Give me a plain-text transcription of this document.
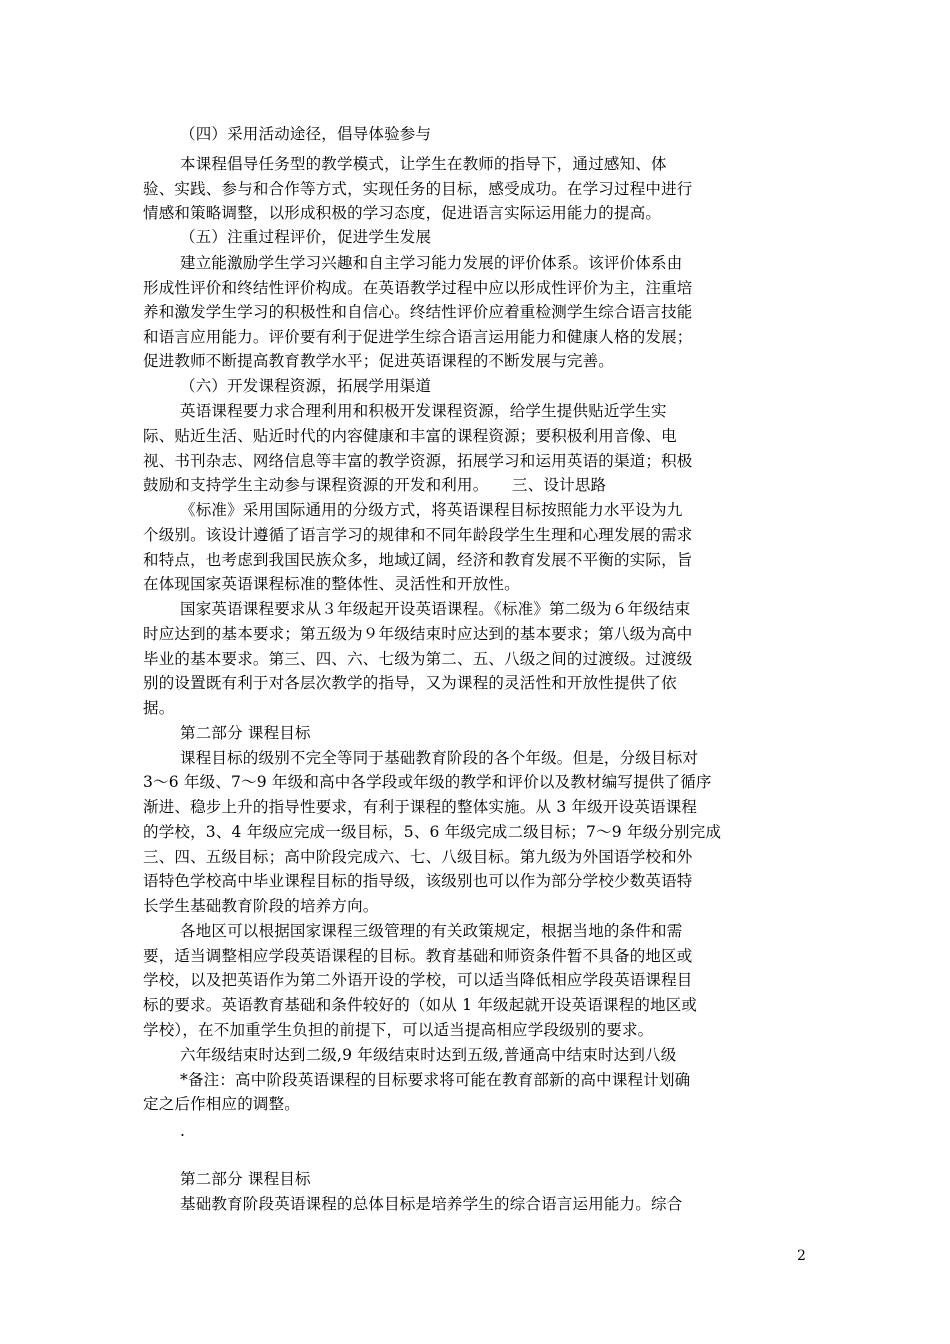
（四）采用活动途径，倡导体验参与
本课程倡导任务型的教学模式，让学生在教师的指导下，通过感知、体
验、实践、参与和合作等方式，实现任务的目标，感受成功。在学习过程中进行
情感和策略调整，以形成积极的学习态度，促进语言实际运用能力的提高。
（五）注重过程评价，促进学生发展
建立能激励学生学习兴趣和自主学习能力发展的评价体系。该评价体系由
形成性评价和终结性评价构成。在英语教学过程中应以形成性评价为主，注重培
养和激发学生学习的积极性和自信心。终结性评价应着重检测学生综合语言技能
和语言应用能力。评价要有利于促进学生综合语言运用能力和健康人格的发展；
促进教师不断提高教育教学水平；促进英语课程的不断发展与完善。
（六）开发课程资源，拓展学用渠道
英语课程要力求合理利用和积极开发课程资源，给学生提供贴近学生实
际、贴近生活、贴近时代的内容健康和丰富的课程资源；要积极利用音像、电
视、书刊杂志、网络信息等丰富的教学资源，拓展学习和运用英语的渠道；积极
鼓励和支持学生主动参与课程资源的开发和利用。　　三、设计思路
《标准》采用国际通用的分级方式，将英语课程目标按照能力水平设为九
个级别。该设计遵循了语言学习的规律和不同年龄段学生生理和心理发展的需求
和特点，也考虑到我国民族众多，地域辽阔，经济和教育发展不平衡的实际，旨
在体现国家英语课程标准的整体性、灵活性和开放性。
国家英语课程要求从３年级起开设英语课程。《标准》第二级为６年级结束
时应达到的基本要求；第五级为９年级结束时应达到的基本要求；第八级为高中
毕业的基本要求。第三、四、六、七级为第二、五、八级之间的过渡级。过渡级
别的设置既有利于对各层次教学的指导，又为课程的灵活性和开放性提供了依
据。
第二部分 课程目标
课程目标的级别不完全等同于基础教育阶段的各个年级。但是，分级目标对
3～6 年级、7～9 年级和高中各学段或年级的教学和评价以及教材编写提供了循序
渐进、稳步上升的指导性要求，有利于课程的整体实施。从 3 年级开设英语课程
的学校，3、4 年级应完成一级目标，5、6 年级完成二级目标；7～9 年级分别完成
三、四、五级目标；高中阶段完成六、七、八级目标。第九级为外国语学校和外
语特色学校高中毕业课程目标的指导级，该级别也可以作为部分学校少数英语特
长学生基础教育阶段的培养方向。
各地区可以根据国家课程三级管理的有关政策规定，根据当地的条件和需
要，适当调整相应学段英语课程的目标。教育基础和师资条件暂不具备的地区或
学校，以及把英语作为第二外语开设的学校，可以适当降低相应学段英语课程目
标的要求。英语教育基础和条件较好的（如从 1 年级起就开设英语课程的地区或
学校），在不加重学生负担的前提下，可以适当提高相应学段级别的要求。
六年级结束时达到二级,9 年级结束时达到五级,普通高中结束时达到八级
*备注：高中阶段英语课程的目标要求将可能在教育部新的高中课程计划确
定之后作相应的调整。
.
第二部分 课程目标
基础教育阶段英语课程的总体目标是培养学生的综合语言运用能力。综合
2
